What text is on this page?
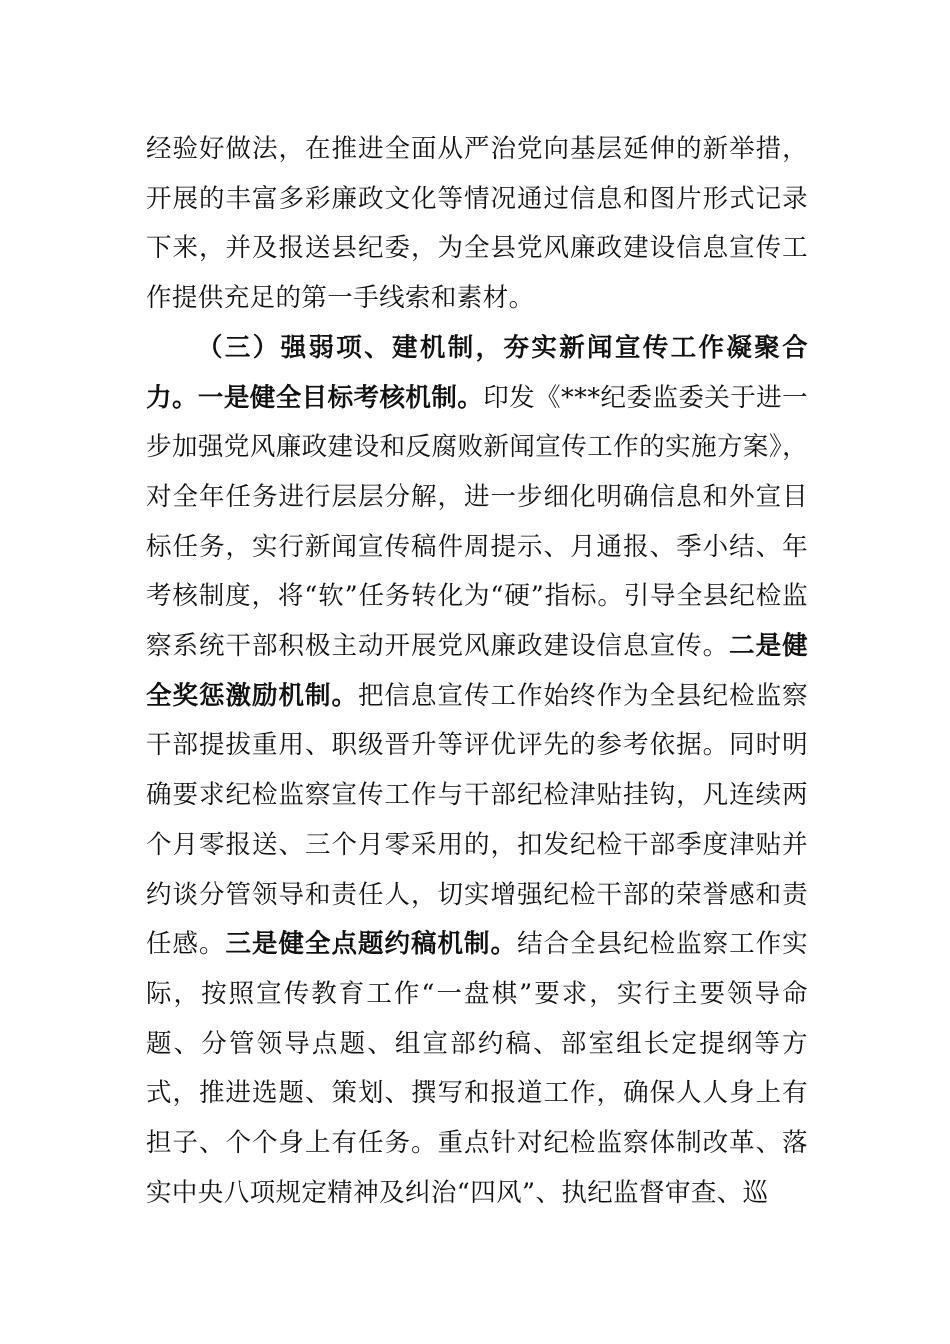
经验好做法，在推进全面从严治党向基层延伸的新举措，开展的丰富多彩廉政文化等情况通过信息和图片形式记录下来，并及报送县纪委，为全县党风廉政建设信息宣传工作提供充足的第一手线索和素材。

（三）强弱项、建机制，夯实新闻宣传工作凝聚合力。一是健全目标考核机制。印发《***纪委监委关于进一步加强党风廉政建设和反腐败新闻宣传工作的实施方案》，对全年任务进行层层分解，进一步细化明确信息和外宣目标任务，实行新闻宣传稿件周提示、月通报、季小结、年考核制度，将“软”任务转化为“硬”指标。引导全县纪检监察系统干部积极主动开展党风廉政建设信息宣传。二是健全奖惩激励机制。把信息宣传工作始终作为全县纪检监察干部提拔重用、职级晋升等评优评先的参考依据。同时明确要求纪检监察宣传工作与干部纪检津贴挂钩，凡连续两个月零报送、三个月零采用的，扣发纪检干部季度津贴并约谈分管领导和责任人，切实增强纪检干部的荣誉感和责任感。三是健全点题约稿机制。结合全县纪检监察工作实际，按照宣传教育工作“一盘棋”要求，实行主要领导命题、分管领导点题、组宣部约稿、部室组长定提纲等方式，推进选题、策划、撰写和报道工作，确保人人身上有担子、个个身上有任务。重点针对纪检监察体制改革、落实中央八项规定精神及纠治“四风”、执纪监督审查、巡
